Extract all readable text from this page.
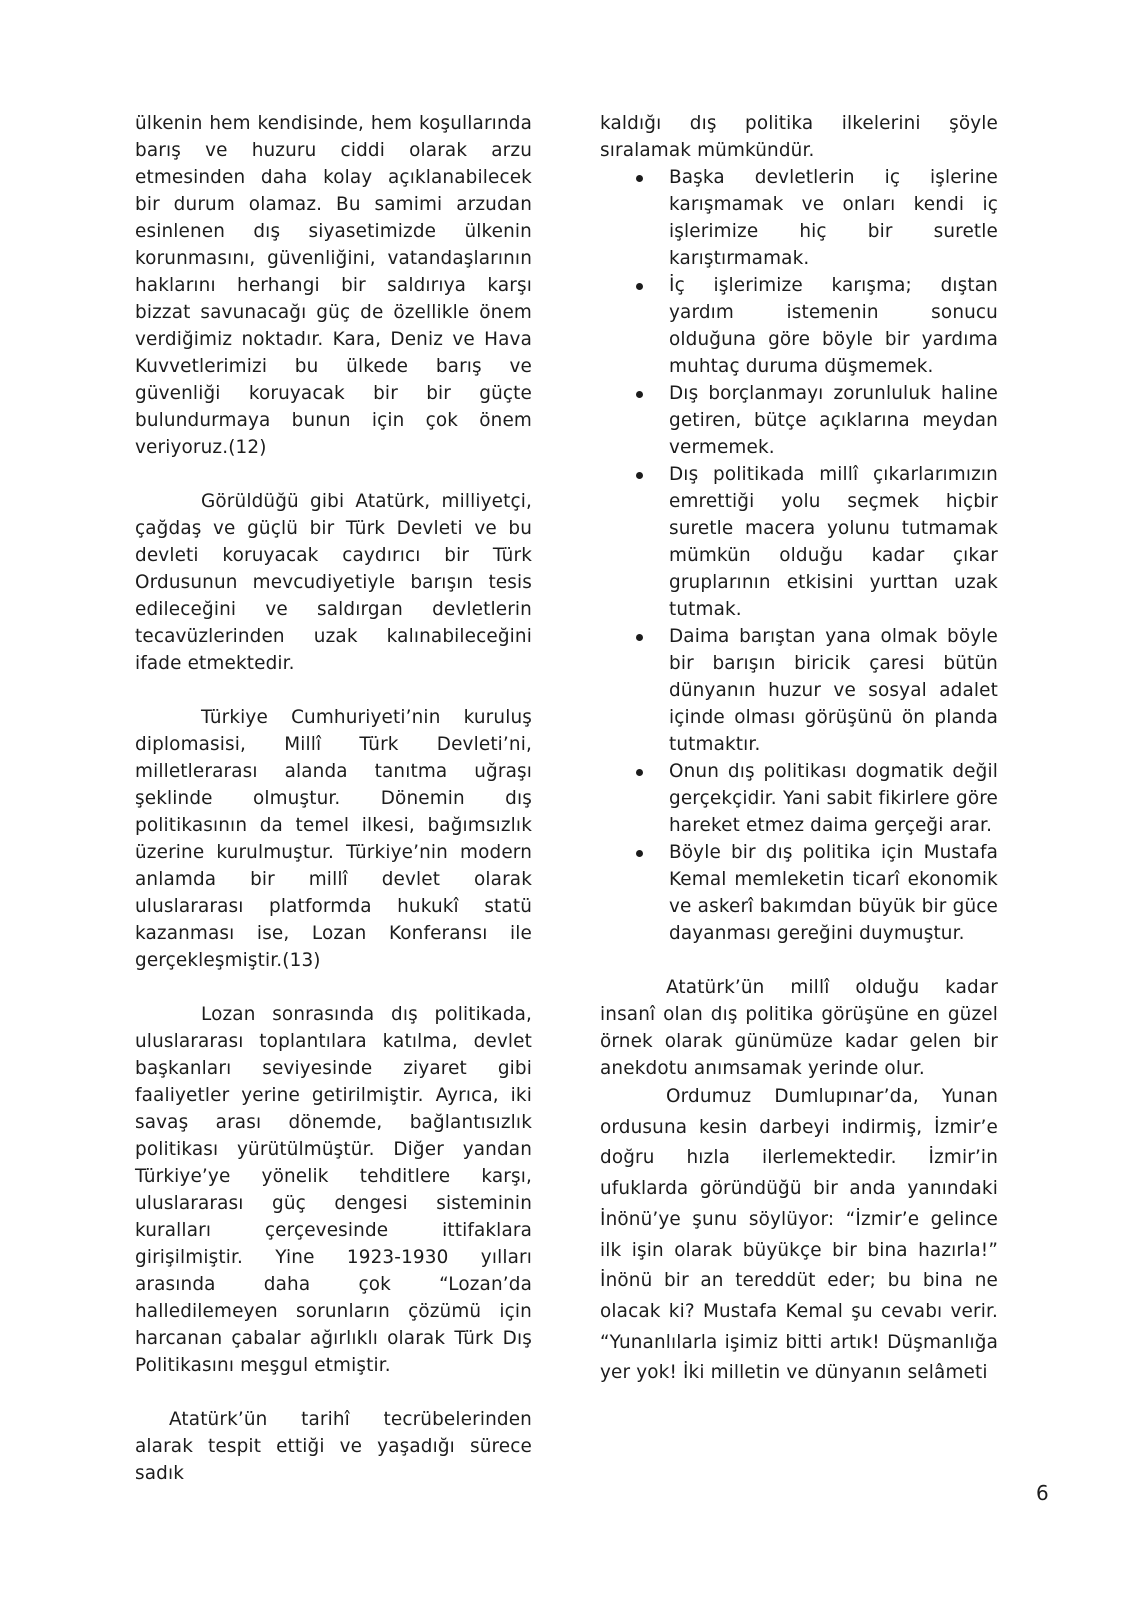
ülkenin hem kendisinde, hem koşullarında barış ve huzuru ciddi olarak arzu etmesinden daha kolay açıklanabilecek bir durum olamaz. Bu samimi arzudan esinlenen dış siyasetimizde ülkenin korunmasını, güvenliğini, vatandaşlarının haklarını herhangi bir saldırıya karşı bizzat savunacağı güç de özellikle önem verdiğimiz noktadır. Kara, Deniz ve Hava Kuvvetlerimizi bu ülkede barış ve güvenliği koruyacak bir bir güçte bulundurmaya bunun için çok önem veriyoruz.(12)

Görüldüğü gibi Atatürk, milliyetçi, çağdaş ve güçlü bir Türk Devleti ve bu devleti koruyacak caydırıcı bir Türk Ordusunun mevcudiyetiyle barışın tesis edileceğini ve saldırgan devletlerin tecavüzlerinden uzak kalınabileceğini ifade etmektedir.

Türkiye Cumhuriyeti’nin kuruluş diplomasisi, Millî Türk Devleti’ni, milletlerarası alanda tanıtma uğraşı şeklinde olmuştur. Dönemin dış politikasının da temel ilkesi, bağımsızlık üzerine kurulmuştur. Türkiye’nin modern anlamda bir millî devlet olarak uluslararası platformda hukukî statü kazanması ise, Lozan Konferansı ile gerçekleşmiştir.(13)

Lozan sonrasında dış politikada, uluslararası toplantılara katılma, devlet başkanları seviyesinde ziyaret gibi faaliyetler yerine getirilmiştir. Ayrıca, iki savaş arası dönemde, bağlantısızlık politikası yürütülmüştür. Diğer yandan Türkiye’ye yönelik tehditlere karşı, uluslararası güç dengesi sisteminin kuralları çerçevesinde ittifaklara girişilmiştir. Yine 1923-1930 yılları arasında daha çok “Lozan’da halledilemeyen sorunların çözümü için harcanan çabalar ağırlıklı olarak Türk Dış Politikasını meşgul etmiştir.

Atatürk’ün tarihî tecrübelerinden alarak tespit ettiği ve yaşadığı sürece sadık

kaldığı dış politika ilkelerini şöyle sıralamak mümkündür.

Başka devletlerin iç işlerine karışmamak ve onları kendi iç işlerimize hiç bir suretle karıştırmamak.
İç işlerimize karışma; dıştan yardım istemenin sonucu olduğuna göre böyle bir yardıma muhtaç duruma düşmemek.
Dış borçlanmayı zorunluluk haline getiren, bütçe açıklarına meydan vermemek.
Dış politikada millî çıkarlarımızın emrettiği yolu seçmek hiçbir suretle macera yolunu tutmamak mümkün olduğu kadar çıkar gruplarının etkisini yurttan uzak tutmak.
Daima barıştan yana olmak böyle bir barışın biricik çaresi bütün dünyanın huzur ve sosyal adalet içinde olması görüşünü ön planda tutmaktır.
Onun dış politikası dogmatik değil gerçekçidir. Yani sabit fikirlere göre hareket etmez daima gerçeği arar.
Böyle bir dış politika için Mustafa Kemal memleketin ticarî ekonomik ve askerî bakımdan büyük bir güce dayanması gereğini duymuştur.

Atatürk’ün millî olduğu kadar insanî olan dış politika görüşüne en güzel örnek olarak günümüze kadar gelen bir anekdotu anımsamak yerinde olur.

Ordumuz Dumlupınar’da, Yunan ordusuna kesin darbeyi indirmiş, İzmir’e doğru hızla ilerlemektedir. İzmir’in ufuklarda göründüğü bir anda yanındaki İnönü’ye şunu söylüyor: “İzmir’e gelince ilk işin olarak büyükçe bir bina hazırla!” İnönü bir an tereddüt eder; bu bina ne olacak ki? Mustafa Kemal şu cevabı verir. “Yunanlılarla işimiz bitti artık! Düşmanlığa yer yok! İki milletin ve dünyanın selâmeti

6
